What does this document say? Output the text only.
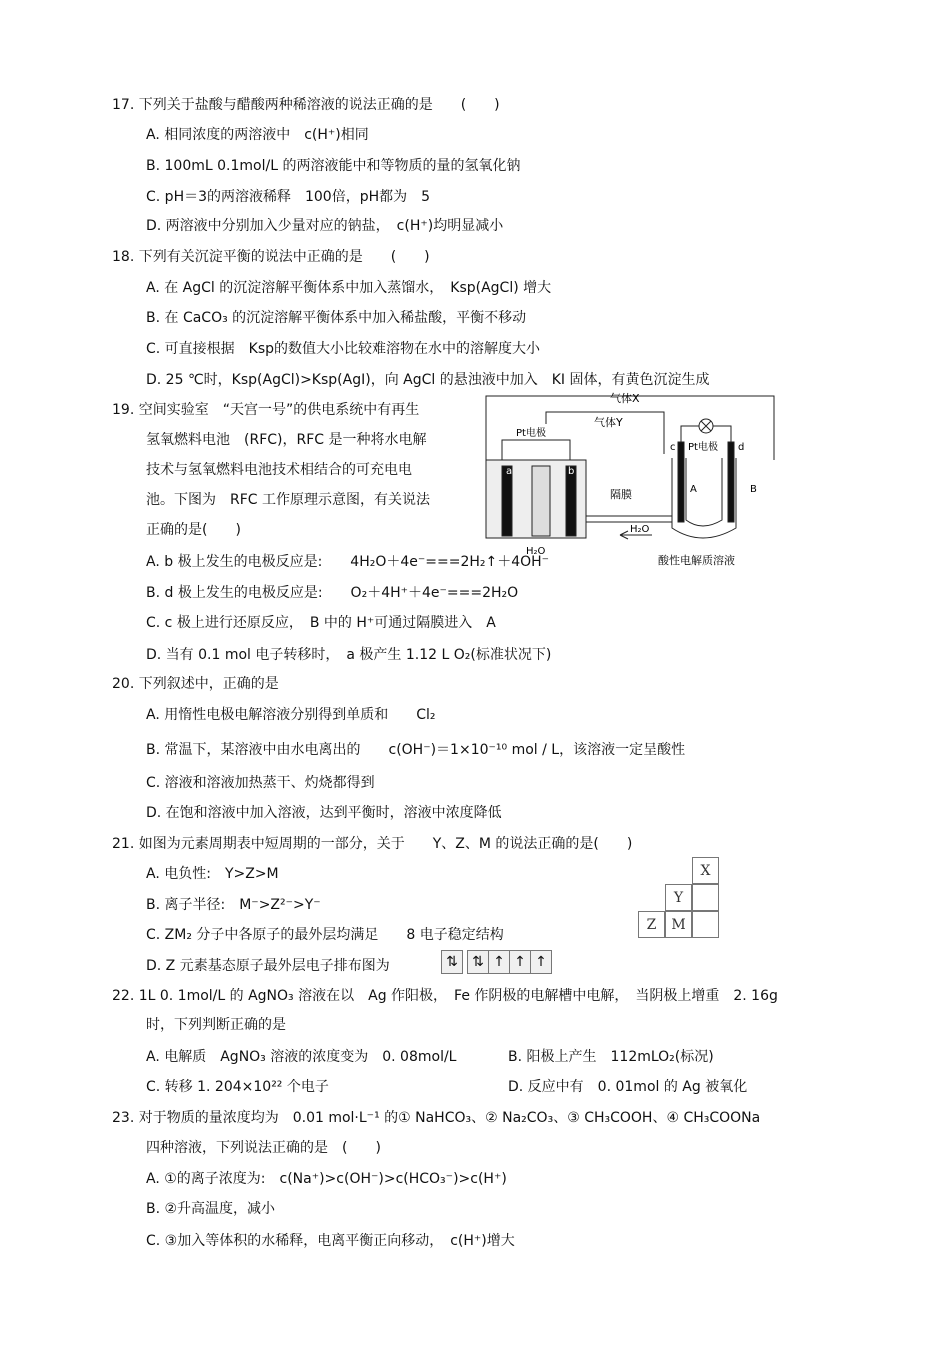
17. 下列关于盐酸与醋酸两种稀溶液的说法正确的是　　(　　)
A. 相同浓度的两溶液中　c(H⁺)相同
B. 100mL 0.1mol/L 的两溶液能中和等物质的量的氢氧化钠
C. pH＝3的两溶液稀释　100倍，pH都为　5
D. 两溶液中分别加入少量对应的钠盐，　c(H⁺)均明显减小
18. 下列有关沉淀平衡的说法中正确的是　　(　　)
A. 在 AgCl 的沉淀溶解平衡体系中加入蒸馏水，　Ksp(AgCl) 增大
B. 在 CaCO₃ 的沉淀溶解平衡体系中加入稀盐酸，平衡不移动
C. 可直接根据　Ksp的数值大小比较难溶物在水中的溶解度大小
D. 25 ℃时，Ksp(AgCl)>Ksp(AgI)，向 AgCl 的悬浊液中加入　KI 固体，有黄色沉淀生成
19. 空间实验室　“天宫一号”的供电系统中有再生
氢氧燃料电池　(RFC)，RFC 是一种将水电解
技术与氢氧燃料电池技术相结合的可充电电
池。下图为　RFC 工作原理示意图，有关说法
正确的是(　　)
气体X
气体Y
Pt电极
Pt电极
隔膜
H₂O
H₂O
酸性电解质溶液
a	b
c	d
A	B
A. b 极上发生的电极反应是:　　4H₂O＋4e⁻===2H₂↑＋4OH⁻
B. d 极上发生的电极反应是:　　O₂＋4H⁺＋4e⁻===2H₂O
C. c 极上进行还原反应，　B 中的 H⁺可通过隔膜进入　A
D. 当有 0.1 mol 电子转移时，　a 极产生 1.12 L O₂(标准状况下)
20. 下列叙述中，正确的是
A. 用惰性电极电解溶液分别得到单质和　　Cl₂
B. 常温下，某溶液中由水电离出的　　c(OH⁻)＝1×10⁻¹⁰ mol / L，该溶液一定呈酸性
C. 溶液和溶液加热蒸干、灼烧都得到
D. 在饱和溶液中加入溶液，达到平衡时，溶液中浓度降低
21. 如图为元素周期表中短周期的一部分，关于　　Y、Z、M 的说法正确的是(　　)
A. 电负性:　Y>Z>M
B. 离子半径:　M⁻>Z²⁻>Y⁻
C. ZM₂ 分子中各原子的最外层均满足　　8 电子稳定结构
D. Z 元素基态原子最外层电子排布图为
		X
	Y	
Z	M	
⇅ ⇅ ↑ ↑ ↑
22. 1L 0. 1mol/L 的 AgNO₃ 溶液在以　Ag 作阳极，　Fe 作阴极的电解槽中电解，　当阴极上增重　2. 16g
时，下列判断正确的是
A. 电解质　AgNO₃ 溶液的浓度变为　0. 08mol/L	B. 阳极上产生　112mLO₂(标况)
C. 转移 1. 204×10²² 个电子	D. 反应中有　0. 01mol 的 Ag 被氧化
23. 对于物质的量浓度均为　0.01 mol·L⁻¹ 的① NaHCO₃、② Na₂CO₃、③ CH₃COOH、④ CH₃COONa
四种溶液，下列说法正确的是　(　　)
A. ①的离子浓度为:　c(Na⁺)>c(OH⁻)>c(HCO₃⁻)>c(H⁺)
B. ②升高温度，减小
C. ③加入等体积的水稀释，电离平衡正向移动，　c(H⁺)增大
